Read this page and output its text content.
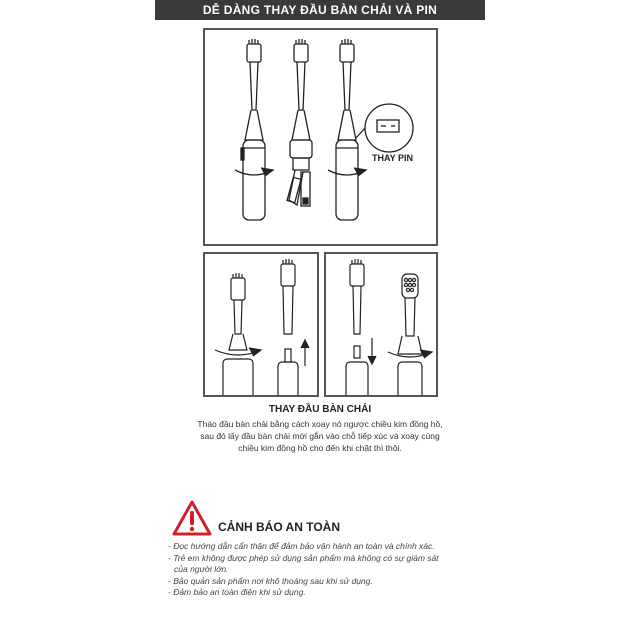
DỄ DÀNG THAY ĐẦU BÀN CHẢI VÀ PIN
THAY PIN
THAY ĐẦU BÀN CHẢI
Tháo đầu bàn chải bằng cách xoay nó ngược chiều kim đồng hồ,
sau đó lấy đầu bàn chải mới gắn vào chỗ tiếp xúc và xoay cùng
chiều kim đồng hồ cho đến khi chặt thì thôi.
CẢNH BÁO AN TOÀN
- Đọc hướng dẫn cẩn thận để đảm bảo vận hành an toàn và chính xác.
- Trẻ em không được phép sử dụng sản phẩm mà không có sự giám sát
của người lớn.
- Bảo quản sản phẩm nơi khô thoáng sau khi sử dụng.
- Đảm bảo an toàn điện khi sử dụng.
